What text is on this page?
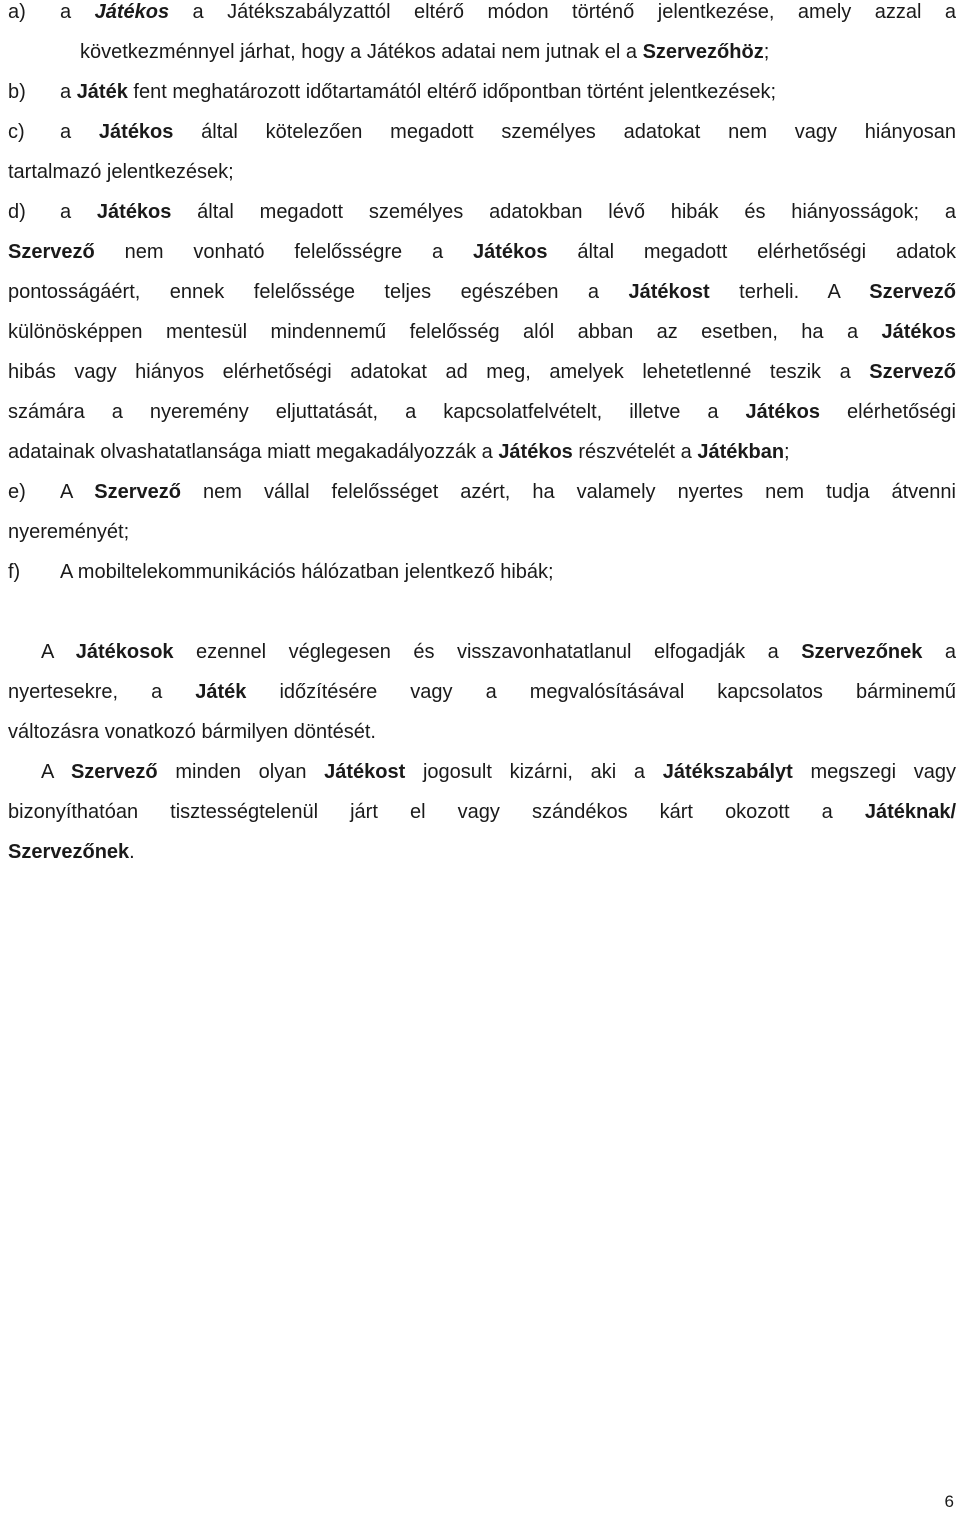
a) a Játékos a Játékszabályzattól eltérő módon történő jelentkezése, amely azzal a
következménnyel járhat, hogy a Játékos adatai nem jutnak el a Szervezőhöz;
b) a Játék fent meghatározott időtartamától eltérő időpontban történt jelentkezések;
c) a Játékos által kötelezően megadott személyes adatokat nem vagy hiányosan
tartalmazó jelentkezések;
d) a Játékos által megadott személyes adatokban lévő hibák és hiányosságok; a
Szervező nem vonható felelősségre a Játékos által megadott elérhetőségi adatok
pontosságáért, ennek felelőssége teljes egészében a Játékost terheli. A Szervező
különösképpen mentesül mindennemű felelősség alól abban az esetben, ha a Játékos
hibás vagy hiányos elérhetőségi adatokat ad meg, amelyek lehetetlenné teszik a Szervező
számára a nyeremény eljuttatását, a kapcsolatfelvételt, illetve a Játékos elérhetőségi
adatainak olvashatatlansága miatt megakadályozzák a Játékos részvételét a Játékban;
e) A Szervező nem vállal felelősséget azért, ha valamely nyertes nem tudja átvenni
nyereményét;
f) A mobiltelekommunikációs hálózatban jelentkező hibák;
A Játékosok ezennel véglegesen és visszavonhatatlanul elfogadják a Szervezőnek a
nyertesekre, a Játék időzítésére vagy a megvalósításával kapcsolatos bárminemű
változásra vonatkozó bármilyen döntését.
A Szervező minden olyan Játékost jogosult kizárni, aki a Játékszabályt megszegi vagy
bizonyíthatóan tisztességtelenül járt el vagy szándékos kárt okozott a Játéknak/
Szervezőnek.
6
